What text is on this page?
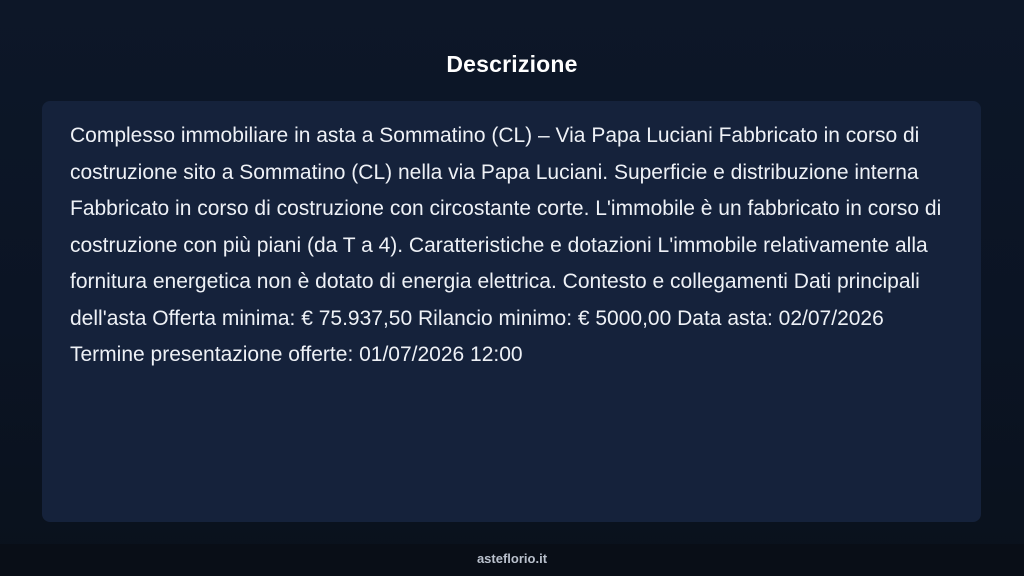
Descrizione

Complesso immobiliare in asta a Sommatino (CL) – Via Papa Luciani Fabbricato in corso di costruzione sito a Sommatino (CL) nella via Papa Luciani. Superficie e distribuzione interna Fabbricato in corso di costruzione con circostante corte. L'immobile è un fabbricato in corso di costruzione con più piani (da T a 4). Caratteristiche e dotazioni L'immobile relativamente alla fornitura energetica non è dotato di energia elettrica. Contesto e collegamenti Dati principali dell'asta Offerta minima: € 75.937,50 Rilancio minimo: € 5000,00 Data asta: 02/07/2026 Termine presentazione offerte: 01/07/2026 12:00

asteflorio.it
